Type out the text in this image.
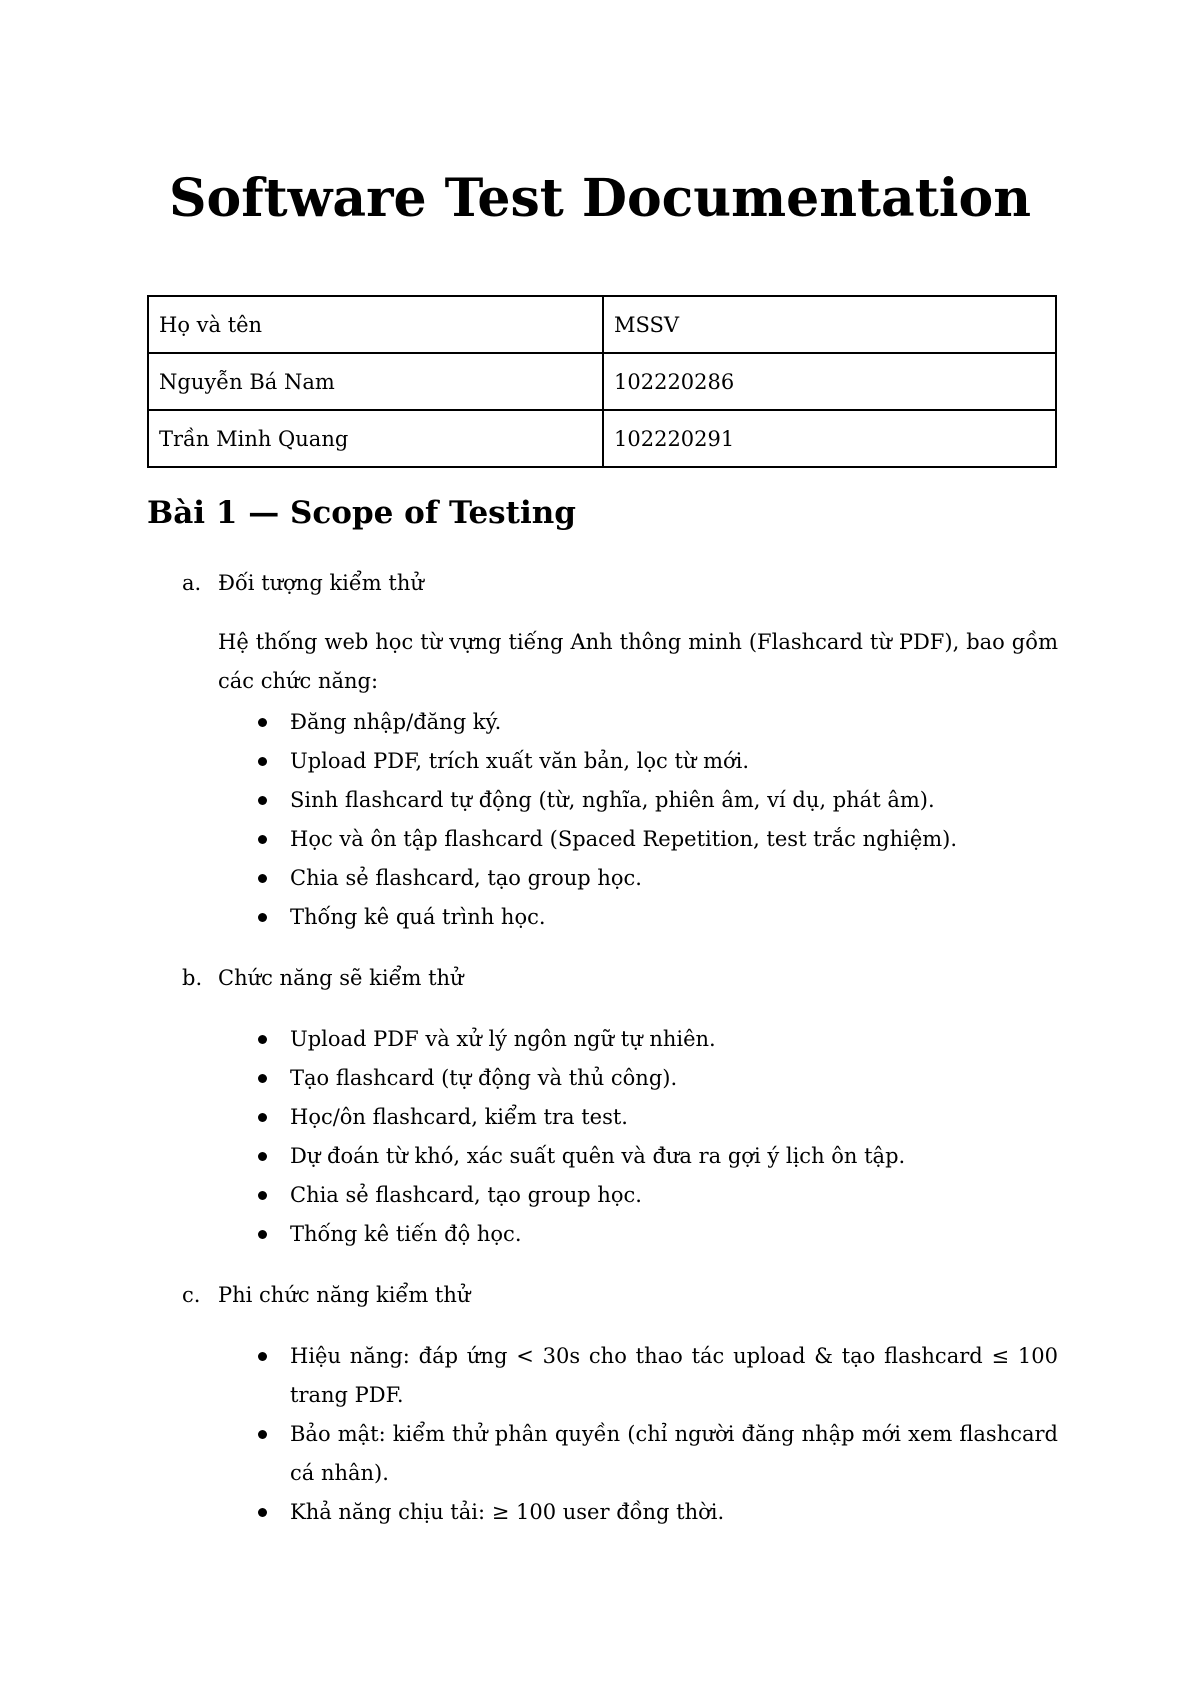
Software Test Documentation
Họ và tên	MSSV
Nguyễn Bá Nam	102220286
Trần Minh Quang	102220291
Bài 1 — Scope of Testing

a. Đối tượng kiểm thử

Hệ thống web học từ vựng tiếng Anh thông minh (Flashcard từ PDF), bao gồm các chức năng:

Đăng nhập/đăng ký.
Upload PDF, trích xuất văn bản, lọc từ mới.
Sinh flashcard tự động (từ, nghĩa, phiên âm, ví dụ, phát âm).
Học và ôn tập flashcard (Spaced Repetition, test trắc nghiệm).
Chia sẻ flashcard, tạo group học.
Thống kê quá trình học.

b. Chức năng sẽ kiểm thử

Upload PDF và xử lý ngôn ngữ tự nhiên.
Tạo flashcard (tự động và thủ công).
Học/ôn flashcard, kiểm tra test.
Dự đoán từ khó, xác suất quên và đưa ra gợi ý lịch ôn tập.
Chia sẻ flashcard, tạo group học.
Thống kê tiến độ học.

c. Phi chức năng kiểm thử

Hiệu năng: đáp ứng < 30s cho thao tác upload & tạo flashcard ≤ 100 trang PDF.
Bảo mật: kiểm thử phân quyền (chỉ người đăng nhập mới xem flashcard cá nhân).
Khả năng chịu tải: ≥ 100 user đồng thời.
